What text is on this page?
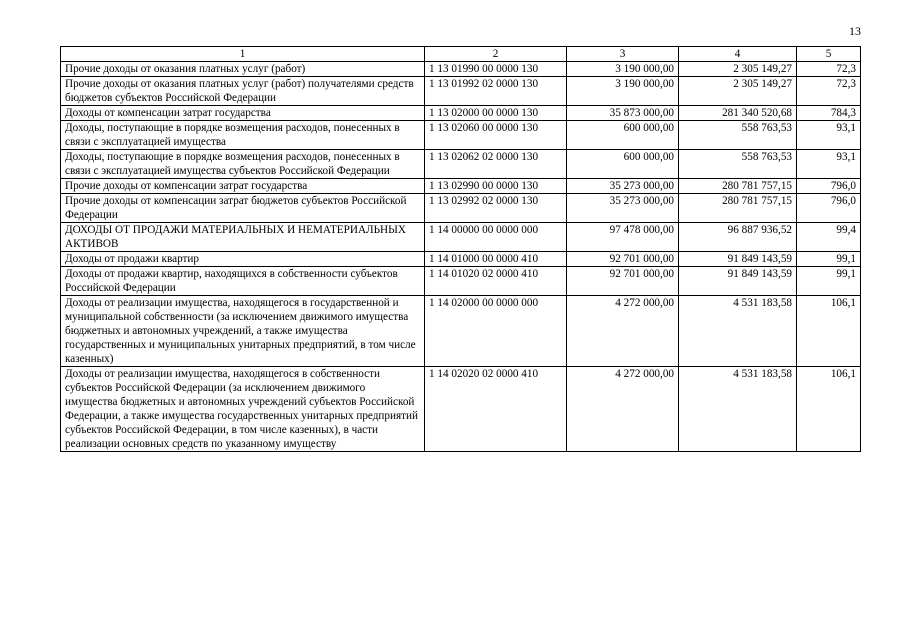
13
1	2	3	4	5
Прочие доходы от оказания платных услуг (работ)	1 13 01990 00 0000 130	3 190 000,00	2 305 149,27	72,3
Прочие доходы от оказания платных услуг (работ) получателями средств бюджетов субъектов Российской Федерации	1 13 01992 02 0000 130	3 190 000,00	2 305 149,27	72,3
Доходы от компенсации затрат государства	1 13 02000 00 0000 130	35 873 000,00	281 340 520,68	784,3
Доходы, поступающие в порядке возмещения расходов, понесенных в связи с эксплуатацией имущества	1 13 02060 00 0000 130	600 000,00	558 763,53	93,1
Доходы, поступающие в порядке возмещения расходов, понесенных в связи с эксплуатацией имущества субъектов Российской Федерации	1 13 02062 02 0000 130	600 000,00	558 763,53	93,1
Прочие доходы от компенсации затрат государства	1 13 02990 00 0000 130	35 273 000,00	280 781 757,15	796,0
Прочие доходы от компенсации затрат бюджетов субъектов Российской Федерации	1 13 02992 02 0000 130	35 273 000,00	280 781 757,15	796,0
ДОХОДЫ ОТ ПРОДАЖИ МАТЕРИАЛЬНЫХ И НЕМАТЕРИАЛЬНЫХ АКТИВОВ	1 14 00000 00 0000 000	97 478 000,00	96 887 936,52	99,4
Доходы от продажи квартир	1 14 01000 00 0000 410	92 701 000,00	91 849 143,59	99,1
Доходы от продажи квартир, находящихся в собственности субъектов Российской Федерации	1 14 01020 02 0000 410	92 701 000,00	91 849 143,59	99,1
Доходы от реализации имущества, находящегося в государственной и муниципальной собственности (за исключением движимого имущества бюджетных и автономных учреждений, а также имущества государственных и муниципальных унитарных предприятий, в том числе казенных)	1 14 02000 00 0000 000	4 272 000,00	4 531 183,58	106,1
Доходы от реализации имущества, находящегося в собственности субъектов Российской Федерации (за исключением движимого имущества бюджетных и автономных учреждений субъектов Российской Федерации, а также имущества государственных унитарных предприятий субъектов Российской Федерации, в том числе казенных), в части реализации основных средств по указанному имуществу	1 14 02020 02 0000 410	4 272 000,00	4 531 183,58	106,1
